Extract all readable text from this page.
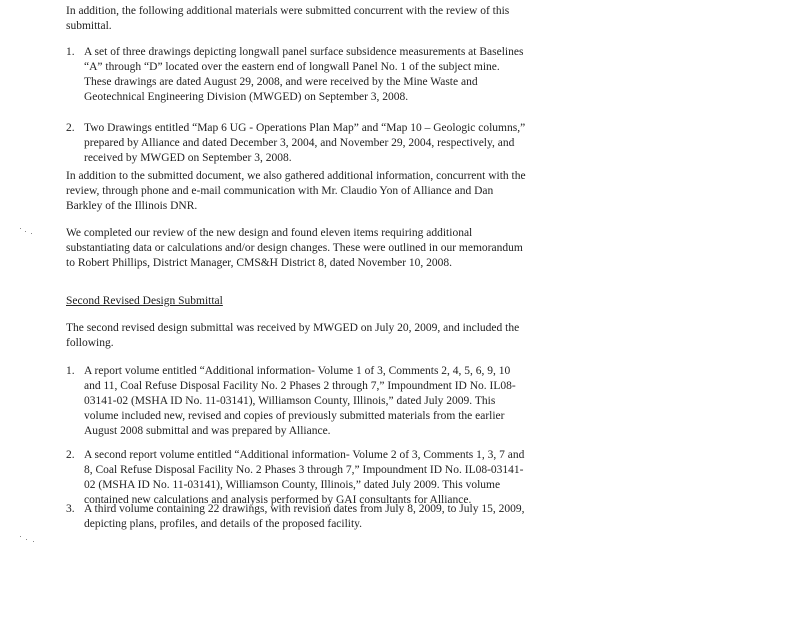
In addition, the following additional materials were submitted concurrent with the review of this submittal.

1. A set of three drawings depicting longwall panel surface subsidence measurements at Baselines “A” through “D” located over the eastern end of longwall Panel No. 1 of the subject mine. These drawings are dated August 29, 2008, and were received by the Mine Waste and Geotechnical Engineering Division (MWGED) on September 3, 2008.
2. Two Drawings entitled “Map 6 UG - Operations Plan Map” and “Map 10 – Geologic columns,” prepared by Alliance and dated December 3, 2004, and November 29, 2004, respectively, and received by MWGED on September 3, 2008.

In addition to the submitted document, we also gathered additional information, concurrent with the review, through phone and e-mail communication with Mr. Claudio Yon of Alliance and Dan Barkley of the Illinois DNR.

We completed our review of the new design and found eleven items requiring additional substantiating data or calculations and/or design changes. These were outlined in our memorandum to Robert Phillips, District Manager, CMS&H District 8, dated November 10, 2008.

Second Revised Design Submittal

The second revised design submittal was received by MWGED on July 20, 2009, and included the following.

1. A report volume entitled “Additional information- Volume 1 of 3, Comments 2, 4, 5, 6, 9, 10 and 11, Coal Refuse Disposal Facility No. 2 Phases 2 through 7,” Impoundment ID No. IL08-03141-02 (MSHA ID No. 11-03141), Williamson County, Illinois,” dated July 2009. This volume included new, revised and copies of previously submitted materials from the earlier August 2008 submittal and was prepared by Alliance.
2. A second report volume entitled “Additional information- Volume 2 of 3, Comments 1, 3, 7 and 8, Coal Refuse Disposal Facility No. 2 Phases 3 through 7,” Impoundment ID No. IL08-03141-02 (MSHA ID No. 11-03141), Williamson County, Illinois,” dated July 2009. This volume contained new calculations and analysis performed by GAI consultants for Alliance.
3. A third volume containing 22 drawings, with revision dates from July 8, 2009, to July 15, 2009, depicting plans, profiles, and details of the proposed facility.
